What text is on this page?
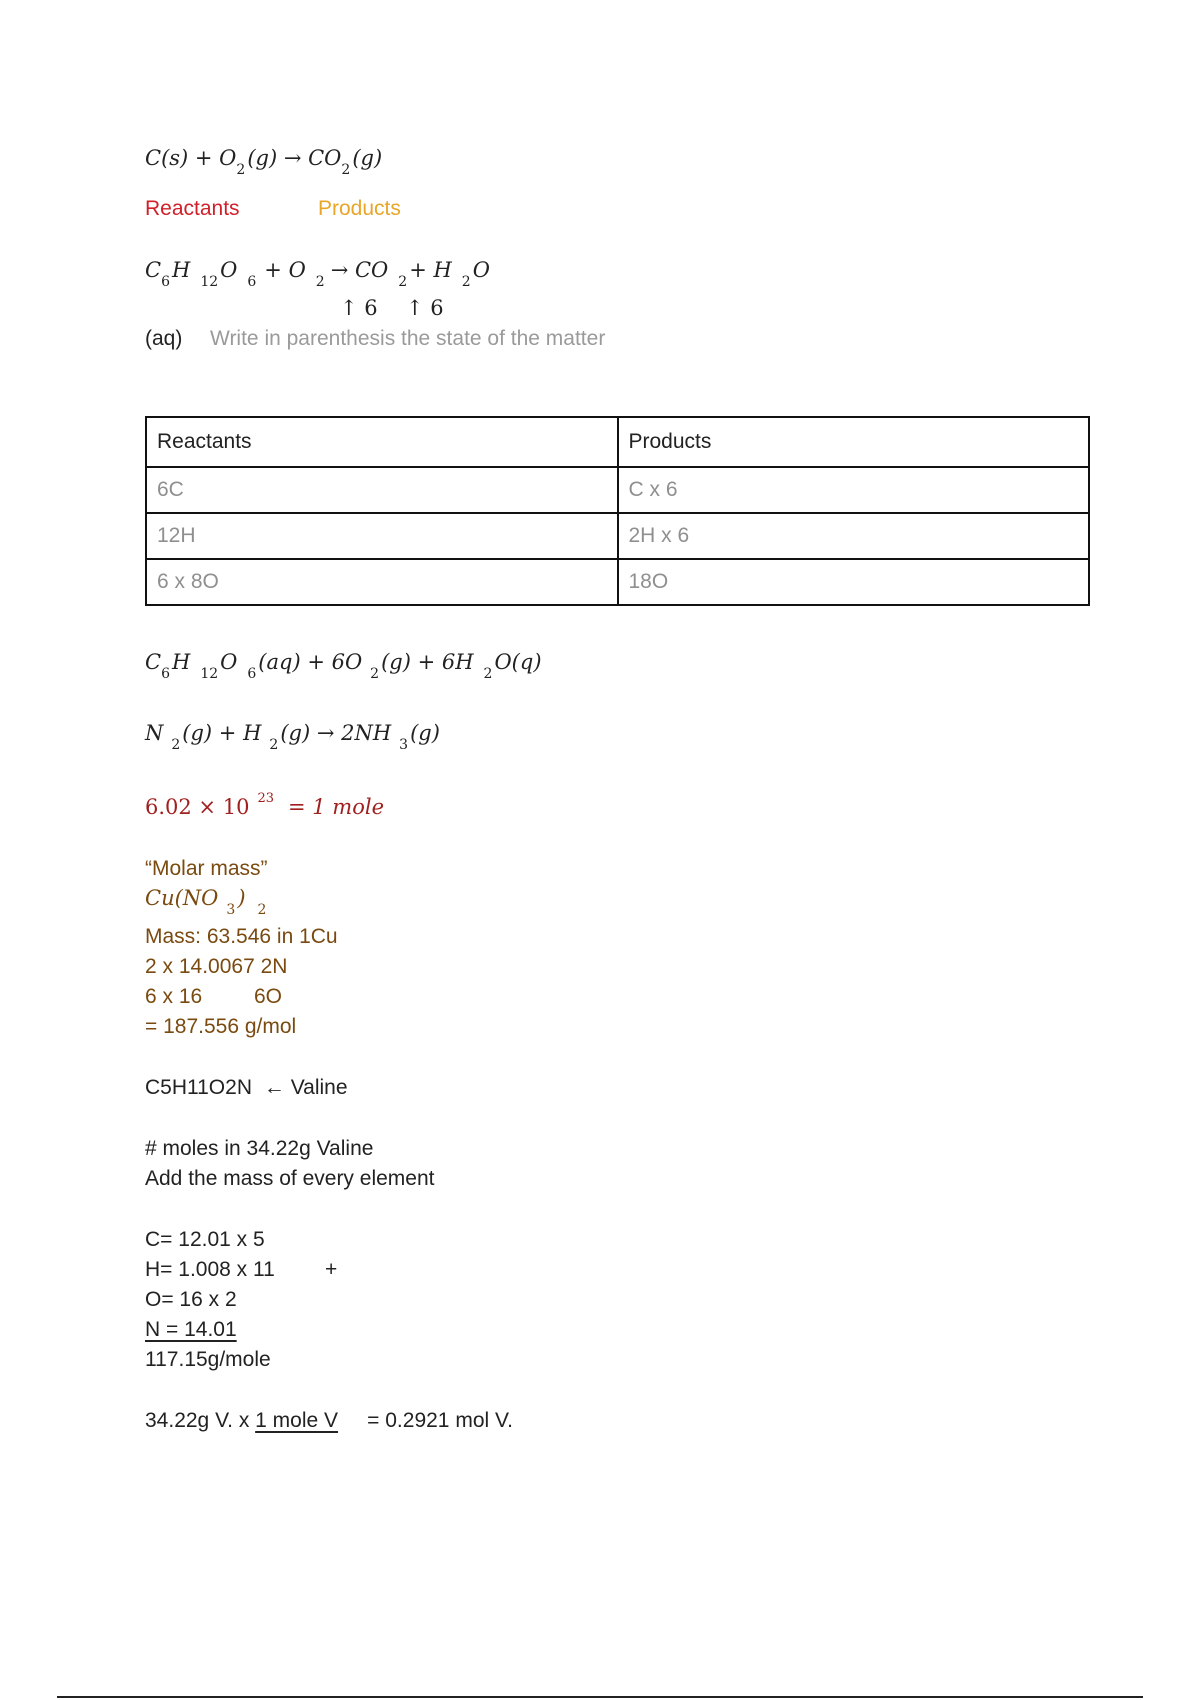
$C(s) + O_2(g) \to CO_2(g)$
Reactants	Products
$C_6H$ $_{12}$O $_6$ + O $_2$ → CO $_2$+ H $_2$O
↑ 6 ↑ 6
(aq) Write in parenthesis the state of the matter
Reactants	Products
6C	C x 6
12H	2H x 6
6 x 8O	18O
$C_6H$ $_{12}$O $_6$(aq) + 6O $_2$(g) + 6H $_2$O(q)
N $_2$(g) + H $_2$(g) → 2NH $_3$(g)
6.02 × 10 $^{23}$ = 1 mole
“Molar mass”
Cu(NO $_3$) $_2$
Mass: 63.546 in 1Cu
2 x 14.0067 2N
6 x 16 6O
= 187.556 g/mol
C5H11O2N ← Valine
# moles in 34.22g Valine
Add the mass of every element
C= 12.01 x 5
H= 1.008 x 11 +
O= 16 x 2
N = 14.01
117.15g/mole
34.22g V. x 1 mole V = 0.2921 mol V.
